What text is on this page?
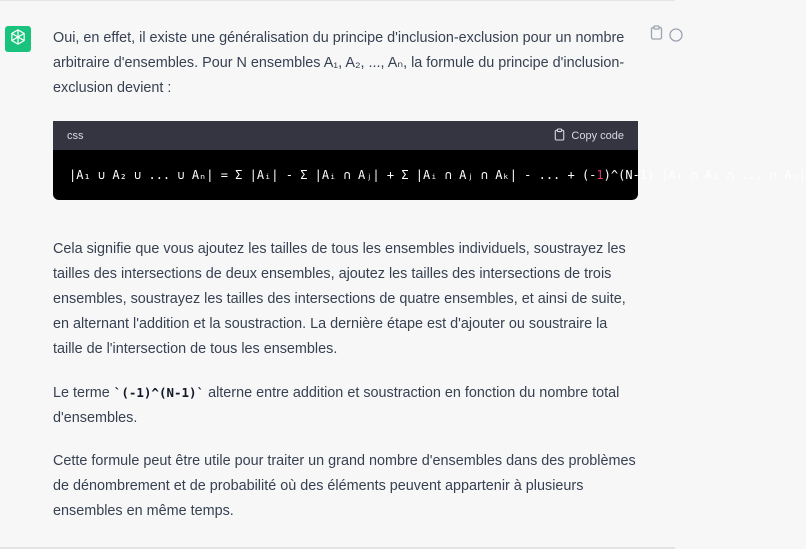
Oui, en effet, il existe une généralisation du principe d'inclusion-exclusion pour un nombre arbitraire d'ensembles. Pour N ensembles A₁, A₂, ..., Aₙ, la formule du principe d'inclusion-exclusion devient :

css	Copy code
|A₁ ∪ A₂ ∪ ... ∪ Aₙ| = Σ |Aᵢ| - Σ |Aᵢ ∩ Aⱼ| + Σ |Aᵢ ∩ Aⱼ ∩ Aₖ| - ... + (- 1 )^(N-1) |A₁ ∩ A₂ ∩ ... ∩ Aₙ|

Cela signifie que vous ajoutez les tailles de tous les ensembles individuels, soustrayez les tailles des intersections de deux ensembles, ajoutez les tailles des intersections de trois ensembles, soustrayez les tailles des intersections de quatre ensembles, et ainsi de suite, en alternant l'addition et la soustraction. La dernière étape est d'ajouter ou soustraire la taille de l'intersection de tous les ensembles.

Le terme `(-1)^(N-1)` alterne entre addition et soustraction en fonction du nombre total d'ensembles.

Cette formule peut être utile pour traiter un grand nombre d'ensembles dans des problèmes de dénombrement et de probabilité où des éléments peuvent appartenir à plusieurs ensembles en même temps.
